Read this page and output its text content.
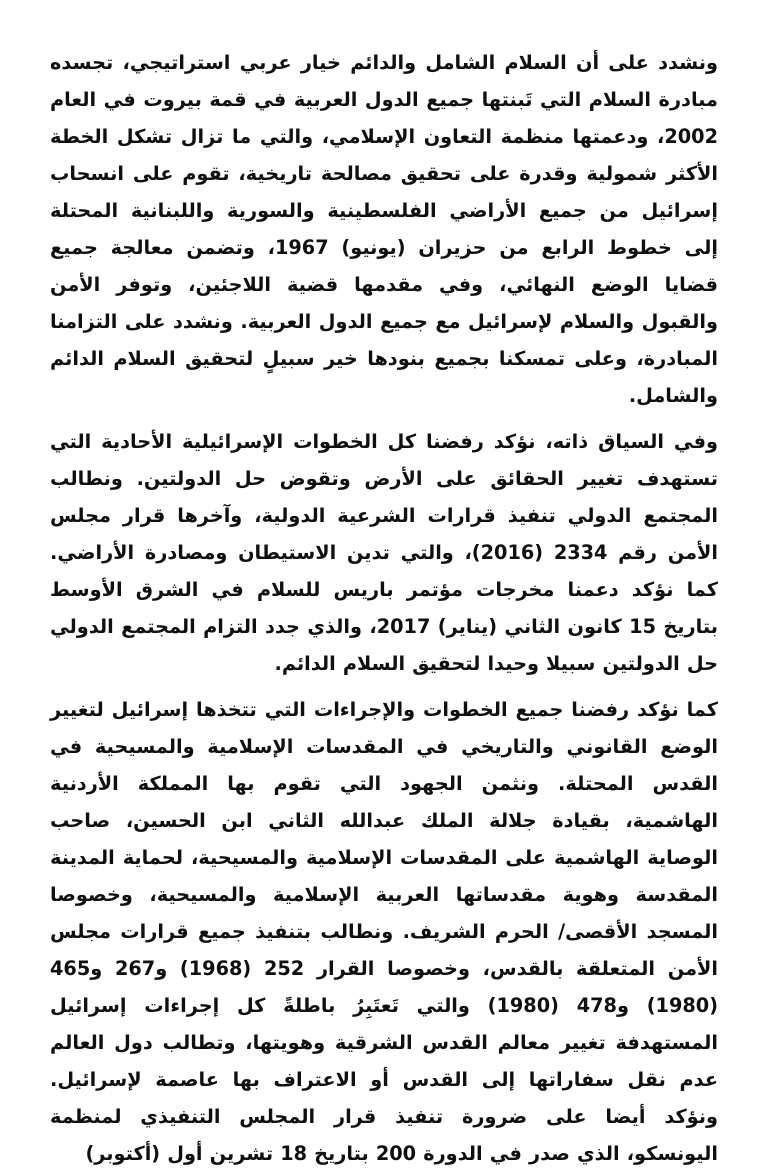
ونشدد على أن السلام الشامل والدائم خيار عربي استراتيجي، تجسده مبادرة السلام التي تَبنتها جميع الدول العربية في قمة بيروت في العام 2002، ودعمتها منظمة التعاون الإسلامي، والتي ما تزال تشكل الخطة الأكثر شمولية وقدرة على تحقيق مصالحة تاريخية، تقوم على انسحاب إسرائيل من جميع الأراضي الفلسطينية والسورية واللبنانية المحتلة إلى خطوط الرابع من حزيران (يونيو) 1967، وتضمن معالجة جميع قضايا الوضع النهائي، وفي مقدمها قضية اللاجئين، وتوفر الأمن والقبول والسلام لإسرائيل مع جميع الدول العربية. ونشدد على التزامنا المبادرة، وعلى تمسكنا بجميع بنودها خير سبيلٍ لتحقيق السلام الدائم والشامل.

وفي السياق ذاته، نؤكد رفضنا كل الخطوات الإسرائيلية الأحادية التي تستهدف تغيير الحقائق على الأرض وتقوض حل الدولتين. ونطالب المجتمع الدولي تنفيذ قرارات الشرعية الدولية، وآخرها قرار مجلس الأمن رقم 2334 (2016)، والتي تدين الاستيطان ومصادرة الأراضي. كما نؤكد دعمنا مخرجات مؤتمر باريس للسلام في الشرق الأوسط بتاريخ 15 كانون الثاني (يناير) 2017، والذي جدد التزام المجتمع الدولي حل الدولتين سبيلا وحيدا لتحقيق السلام الدائم.

كما نؤكد رفضنا جميع الخطوات والإجراءات التي تتخذها إسرائيل لتغيير الوضع القانوني والتاريخي في المقدسات الإسلامية والمسيحية في القدس المحتلة. ونثمن الجهود التي تقوم بها المملكة الأردنية الهاشمية، بقيادة جلالة الملك عبدالله الثاني ابن الحسين، صاحب الوصاية الهاشمية على المقدسات الإسلامية والمسيحية، لحماية المدينة المقدسة وهوية مقدساتها العربية الإسلامية والمسيحية، وخصوصا المسجد الأقصى/ الحرم الشريف. ونطالب بتنفيذ جميع قرارات مجلس الأمن المتعلقة بالقدس، وخصوصا القرار 252 (1968) و267 و465 (1980) و478 (1980) والتي تَعتَبِرُ باطلةً كل إجراءات إسرائيل المستهدفة تغيير معالم القدس الشرقية وهويتها، وتطالب دول العالم عدم نقل سفاراتها إلى القدس أو الاعتراف بها عاصمة لإسرائيل. ونؤكد أيضا على ضرورة تنفيذ قرار المجلس التنفيذي لمنظمة اليونسكو، الذي صدر في الدورة 200 بتاريخ 18 تشرين أول (أكتوبر)
